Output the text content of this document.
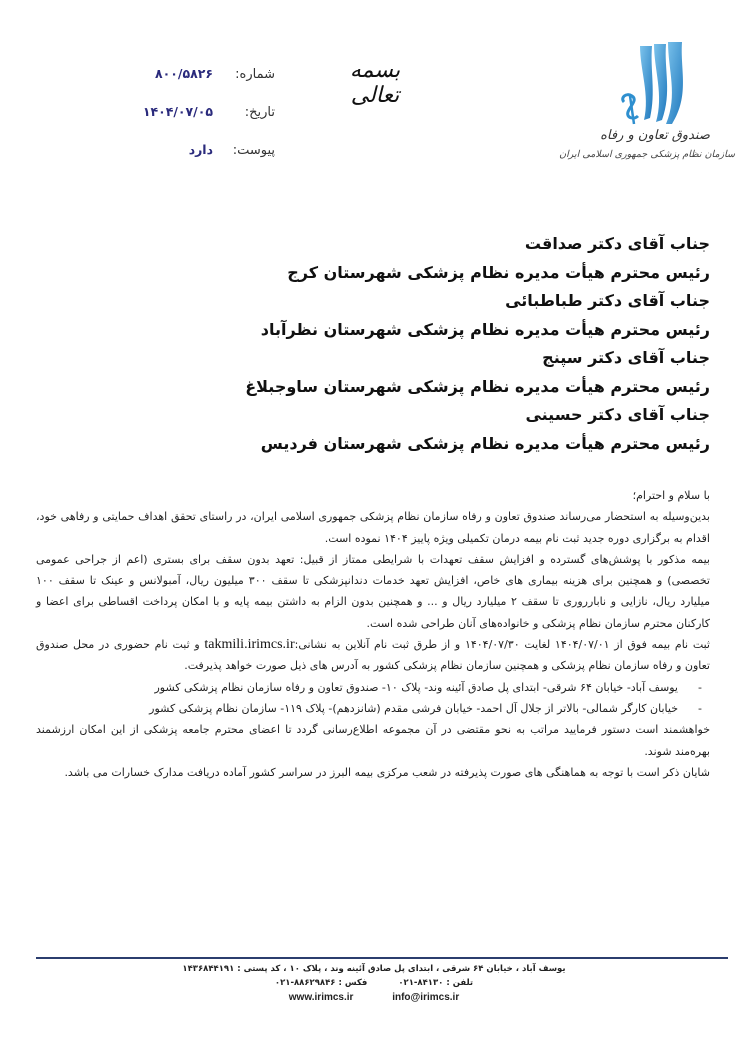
صندوق تعاون و رفاه
سازمان نظام پزشکی جمهوری اسلامی ایران
بسمه تعالی
شماره:
۸۰۰/۵۸۲۶
تاریخ:
۱۴۰۴/۰۷/۰۵
پیوست:
دارد
جناب آقای دکتر صداقت
رئیس محترم هیأت مدیره نظام پزشکی شهرستان کرج
جناب آقای دکتر طباطبائی
رئیس محترم هیأت مدیره نظام پزشکی شهرستان نظرآباد
جناب آقای دکتر سپنج
رئیس محترم هیأت مدیره نظام پزشکی شهرستان ساوجبلاغ
جناب آقای دکتر حسینی
رئیس محترم هیأت مدیره نظام پزشکی شهرستان فردیس

با سلام و احترام؛

بدین‌وسیله به استحضار می‌رساند صندوق تعاون و رفاه سازمان نظام پزشکی جمهوری اسلامی ایران، در راستای تحقق اهداف حمایتی و رفاهی خود، اقدام به برگزاری دوره جدید ثبت نام بیمه درمان تکمیلی ویژه پاییز ۱۴۰۴ نموده است.

بیمه مذکور با پوشش‌های گسترده و افزایش سقف تعهدات با شرایطی ممتاز از قبیل: تعهد بدون سقف برای بستری (اعم از جراحی عمومی تخصصی) و همچنین برای هزینه بیماری های خاص، افزایش تعهد خدمات دندانپزشکی تا سقف ۳۰۰ میلیون ریال، آمبولانس و عینک تا سقف ۱۰۰ میلیارد ریال، نازایی و نابارروری تا سقف ۲ میلیارد ریال و ... و همچنین بدون الزام به داشتن بیمه پایه و با امکان پرداخت اقساطی برای اعضا و کارکنان محترم سازمان نظام پزشکی و خانواده‌های آنان طراحی شده است.

ثبت نام بیمه فوق از ۱۴۰۴/۰۷/۰۱ لغایت ۱۴۰۴/۰۷/۳۰ و از طرق ثبت نام آنلاین به نشانی:takmili.irimcs.ir و ثبت نام حضوری در محل صندوق تعاون و رفاه سازمان نظام پزشکی و همچنین سازمان نظام پزشکی کشور به آدرس های ذیل صورت خواهد پذیرفت.

-
یوسف آباد- خیابان ۶۴ شرقی- ابتدای پل صادق آئینه وند- پلاک ۱۰- صندوق تعاون و رفاه سازمان نظام پزشکی کشور
-
خیابان کارگر شمالی- بالاتر از جلال آل احمد- خیابان فرشی مقدم (شانزدهم)- پلاک ۱۱۹- سازمان نظام پزشکی کشور

خواهشمند است دستور فرمایید مراتب به نحو مقتضی در آن مجموعه اطلاع‌رسانی گردد تا اعضای محترم جامعه پزشکی از این امکان ارزشمند بهره‌مند شوند.

شایان ذکر است با توجه به هماهنگی های صورت پذیرفته در شعب مرکزی بیمه البرز در سراسر کشور آماده دریافت مدارک خسارات می باشد.

یوسف آباد ، خیابان ۶۴ شرقی ، ابتدای پل صادق آئینه وند ، پلاک ۱۰ ، کد پستی : ۱۴۳۶۸۴۴۱۹۱
تلفن : ۸۴۱۳۰-۰۲۱ فکس : ۸۸۶۲۹۸۴۶-۰۲۱
www.irimcs.ir	info@irimcs.ir
